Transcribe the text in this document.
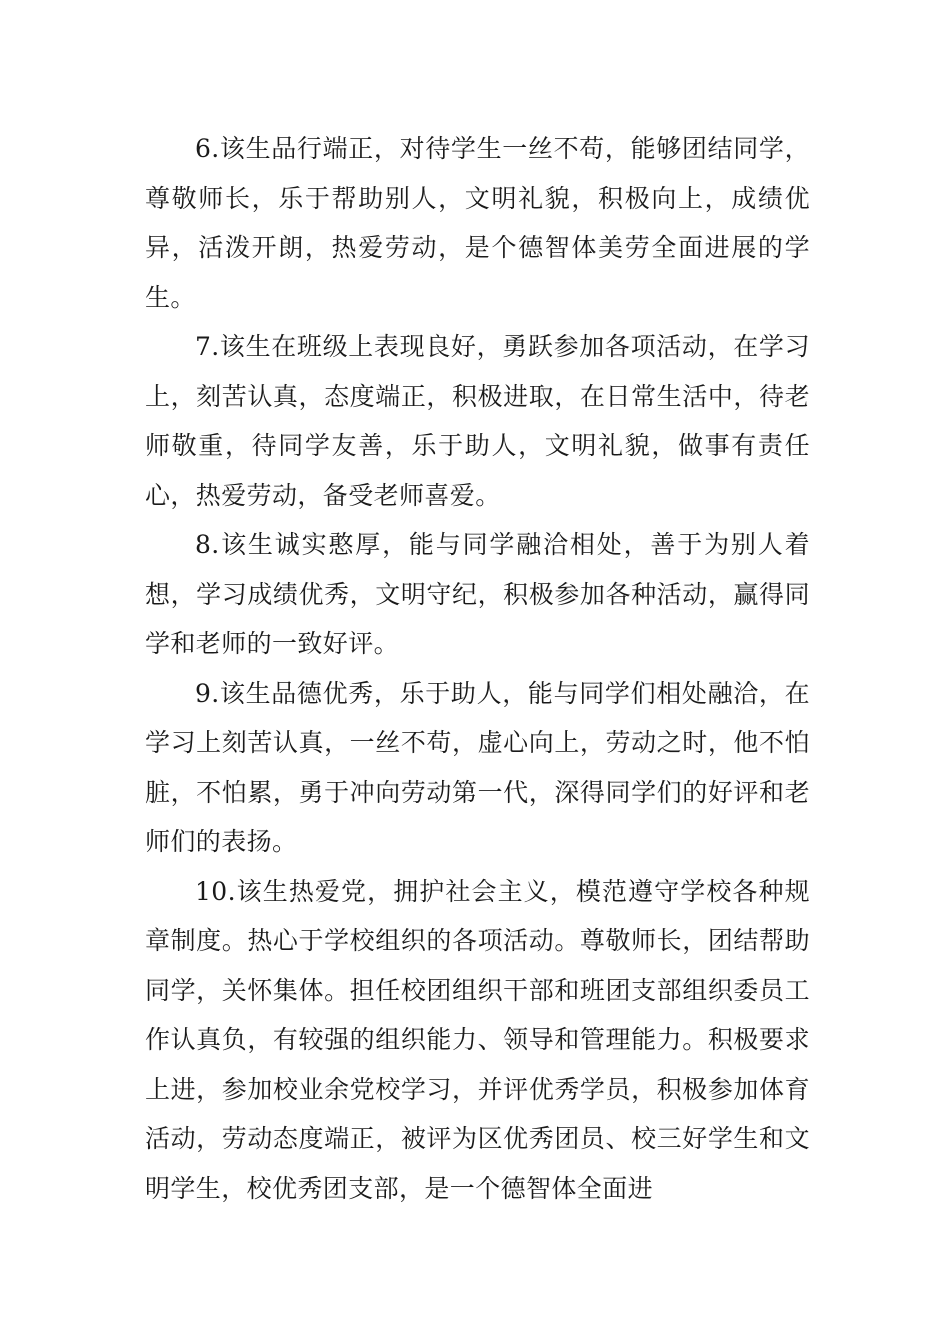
6.该生品行端正，对待学生一丝不苟，能够团结同学，尊敬师长，乐于帮助别人，文明礼貌，积极向上，成绩优异，活泼开朗，热爱劳动，是个德智体美劳全面进展的学生。

7.该生在班级上表现良好，勇跃参加各项活动，在学习上，刻苦认真，态度端正，积极进取，在日常生活中，待老师敬重，待同学友善，乐于助人，文明礼貌，做事有责任心，热爱劳动，备受老师喜爱。

8.该生诚实憨厚，能与同学融洽相处，善于为别人着想，学习成绩优秀，文明守纪，积极参加各种活动，赢得同学和老师的一致好评。

9.该生品德优秀，乐于助人，能与同学们相处融洽，在学习上刻苦认真，一丝不苟，虚心向上，劳动之时，他不怕脏，不怕累，勇于冲向劳动第一代，深得同学们的好评和老师们的表扬。

10.该生热爱党，拥护社会主义，模范遵守学校各种规章制度。热心于学校组织的各项活动。尊敬师长，团结帮助同学，关怀集体。担任校团组织干部和班团支部组织委员工作认真负，有较强的组织能力、领导和管理能力。积极要求上进，参加校业余党校学习，并评优秀学员，积极参加体育活动，劳动态度端正，被评为区优秀团员、校三好学生和文明学生，校优秀团支部，是一个德智体全面进
